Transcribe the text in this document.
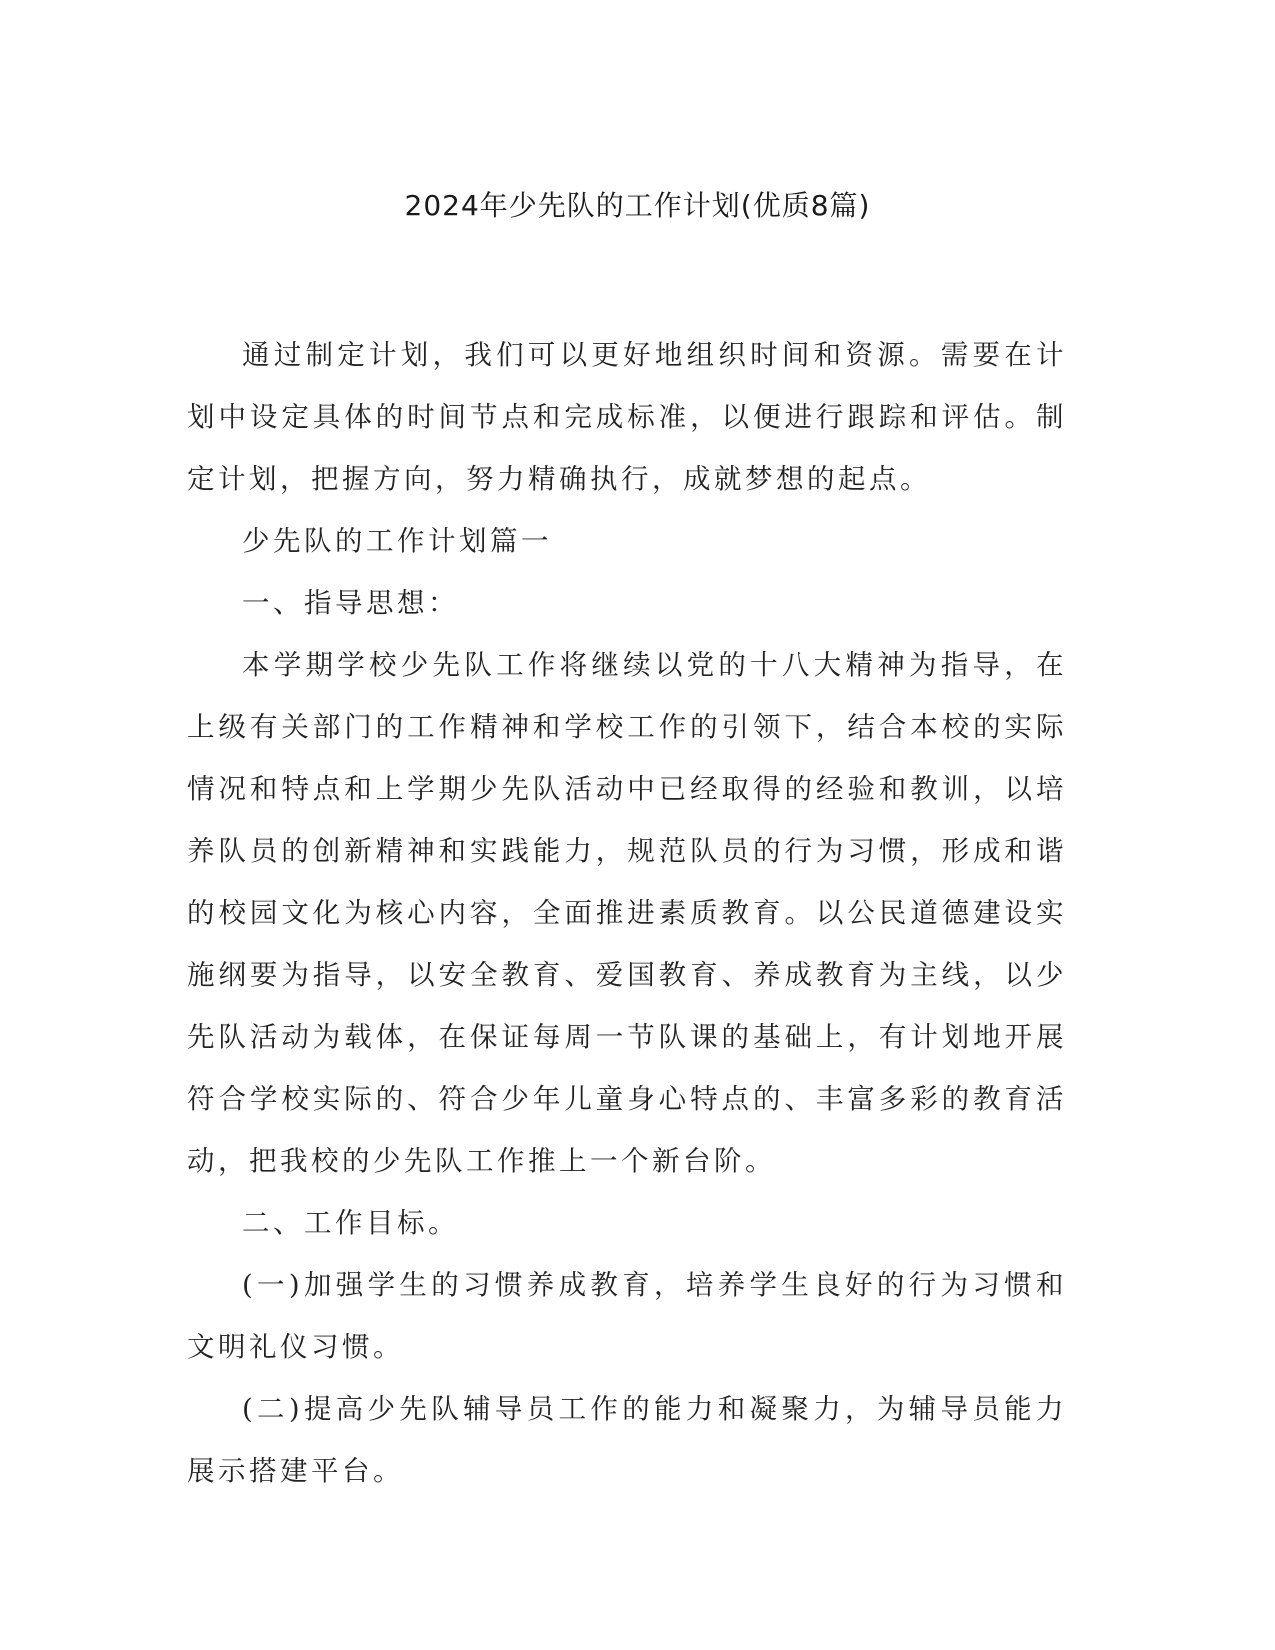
2024年少先队的工作计划(优质8篇)

通过制定计划，我们可以更好地组织时间和资源。需要在计划中设定具体的时间节点和完成标准，以便进行跟踪和评估。制定计划，把握方向，努力精确执行，成就梦想的起点。

少先队的工作计划篇一

一、指导思想：

本学期学校少先队工作将继续以党的十八大精神为指导，在上级有关部门的工作精神和学校工作的引领下，结合本校的实际情况和特点和上学期少先队活动中已经取得的经验和教训，以培养队员的创新精神和实践能力，规范队员的行为习惯，形成和谐的校园文化为核心内容，全面推进素质教育。以公民道德建设实施纲要为指导，以安全教育、爱国教育、养成教育为主线，以少先队活动为载体，在保证每周一节队课的基础上，有计划地开展符合学校实际的、符合少年儿童身心特点的、丰富多彩的教育活动，把我校的少先队工作推上一个新台阶。

二、工作目标。

(一)加强学生的习惯养成教育，培养学生良好的行为习惯和文明礼仪习惯。

(二)提高少先队辅导员工作的能力和凝聚力，为辅导员能力展示搭建平台。
